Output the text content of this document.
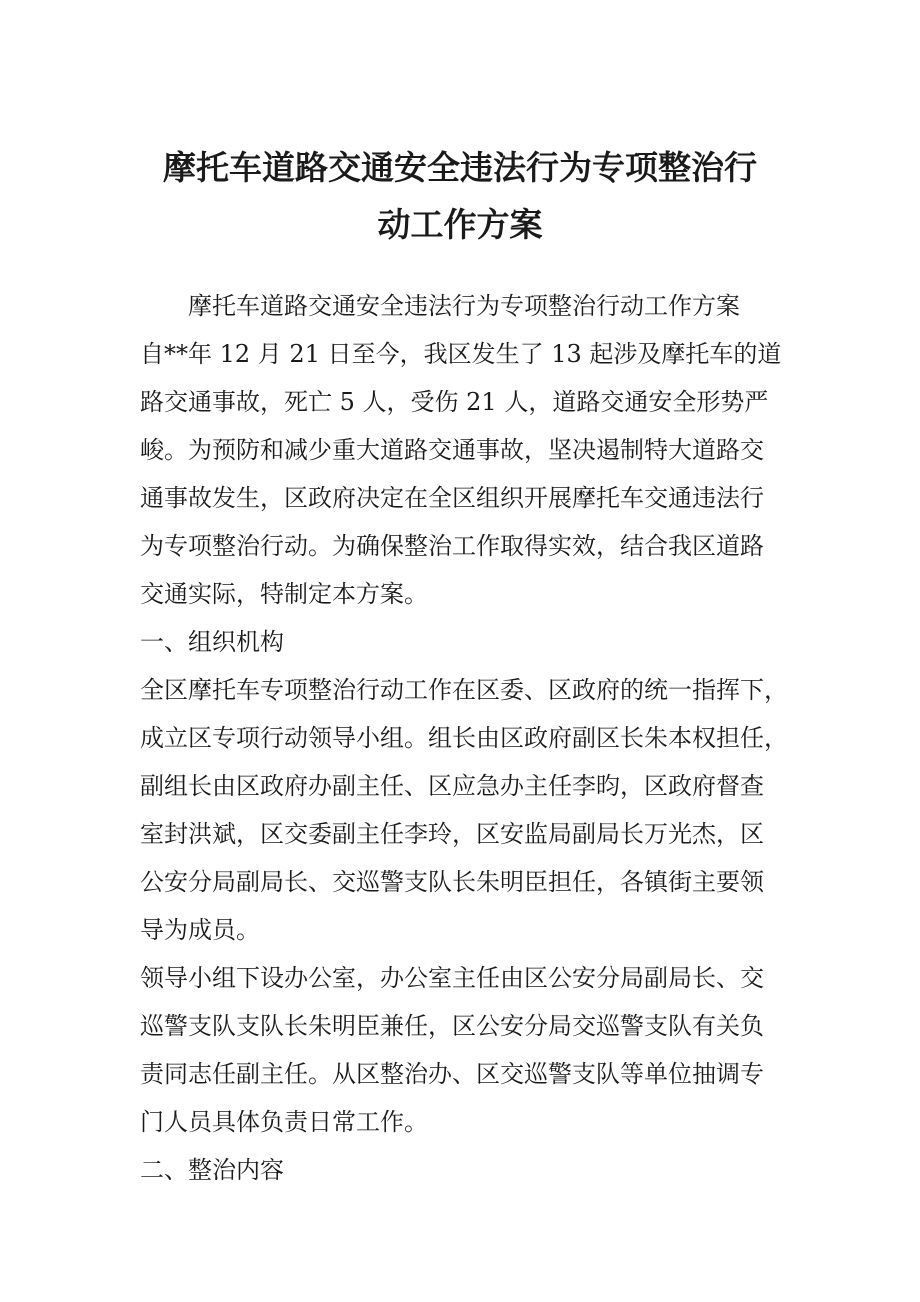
摩托车道路交通安全违法行为专项整治行
动工作方案

　　摩托车道路交通安全违法行为专项整治行动工作方案

自**年 12 月 21 日至今，我区发生了 13 起涉及摩托车的道

路交通事故，死亡 5 人，受伤 21 人，道路交通安全形势严

峻。为预防和减少重大道路交通事故，坚决遏制特大道路交

通事故发生，区政府决定在全区组织开展摩托车交通违法行

为专项整治行动。为确保整治工作取得实效，结合我区道路

交通实际，特制定本方案。

一、组织机构

全区摩托车专项整治行动工作在区委、区政府的统一指挥下，

成立区专项行动领导小组。组长由区政府副区长朱本权担任，

副组长由区政府办副主任、区应急办主任李昀，区政府督查

室封洪斌，区交委副主任李玲，区安监局副局长万光杰，区

公安分局副局长、交巡警支队长朱明臣担任，各镇街主要领

导为成员。

领导小组下设办公室，办公室主任由区公安分局副局长、交

巡警支队支队长朱明臣兼任，区公安分局交巡警支队有关负

责同志任副主任。从区整治办、区交巡警支队等单位抽调专

门人员具体负责日常工作。

二、整治内容
